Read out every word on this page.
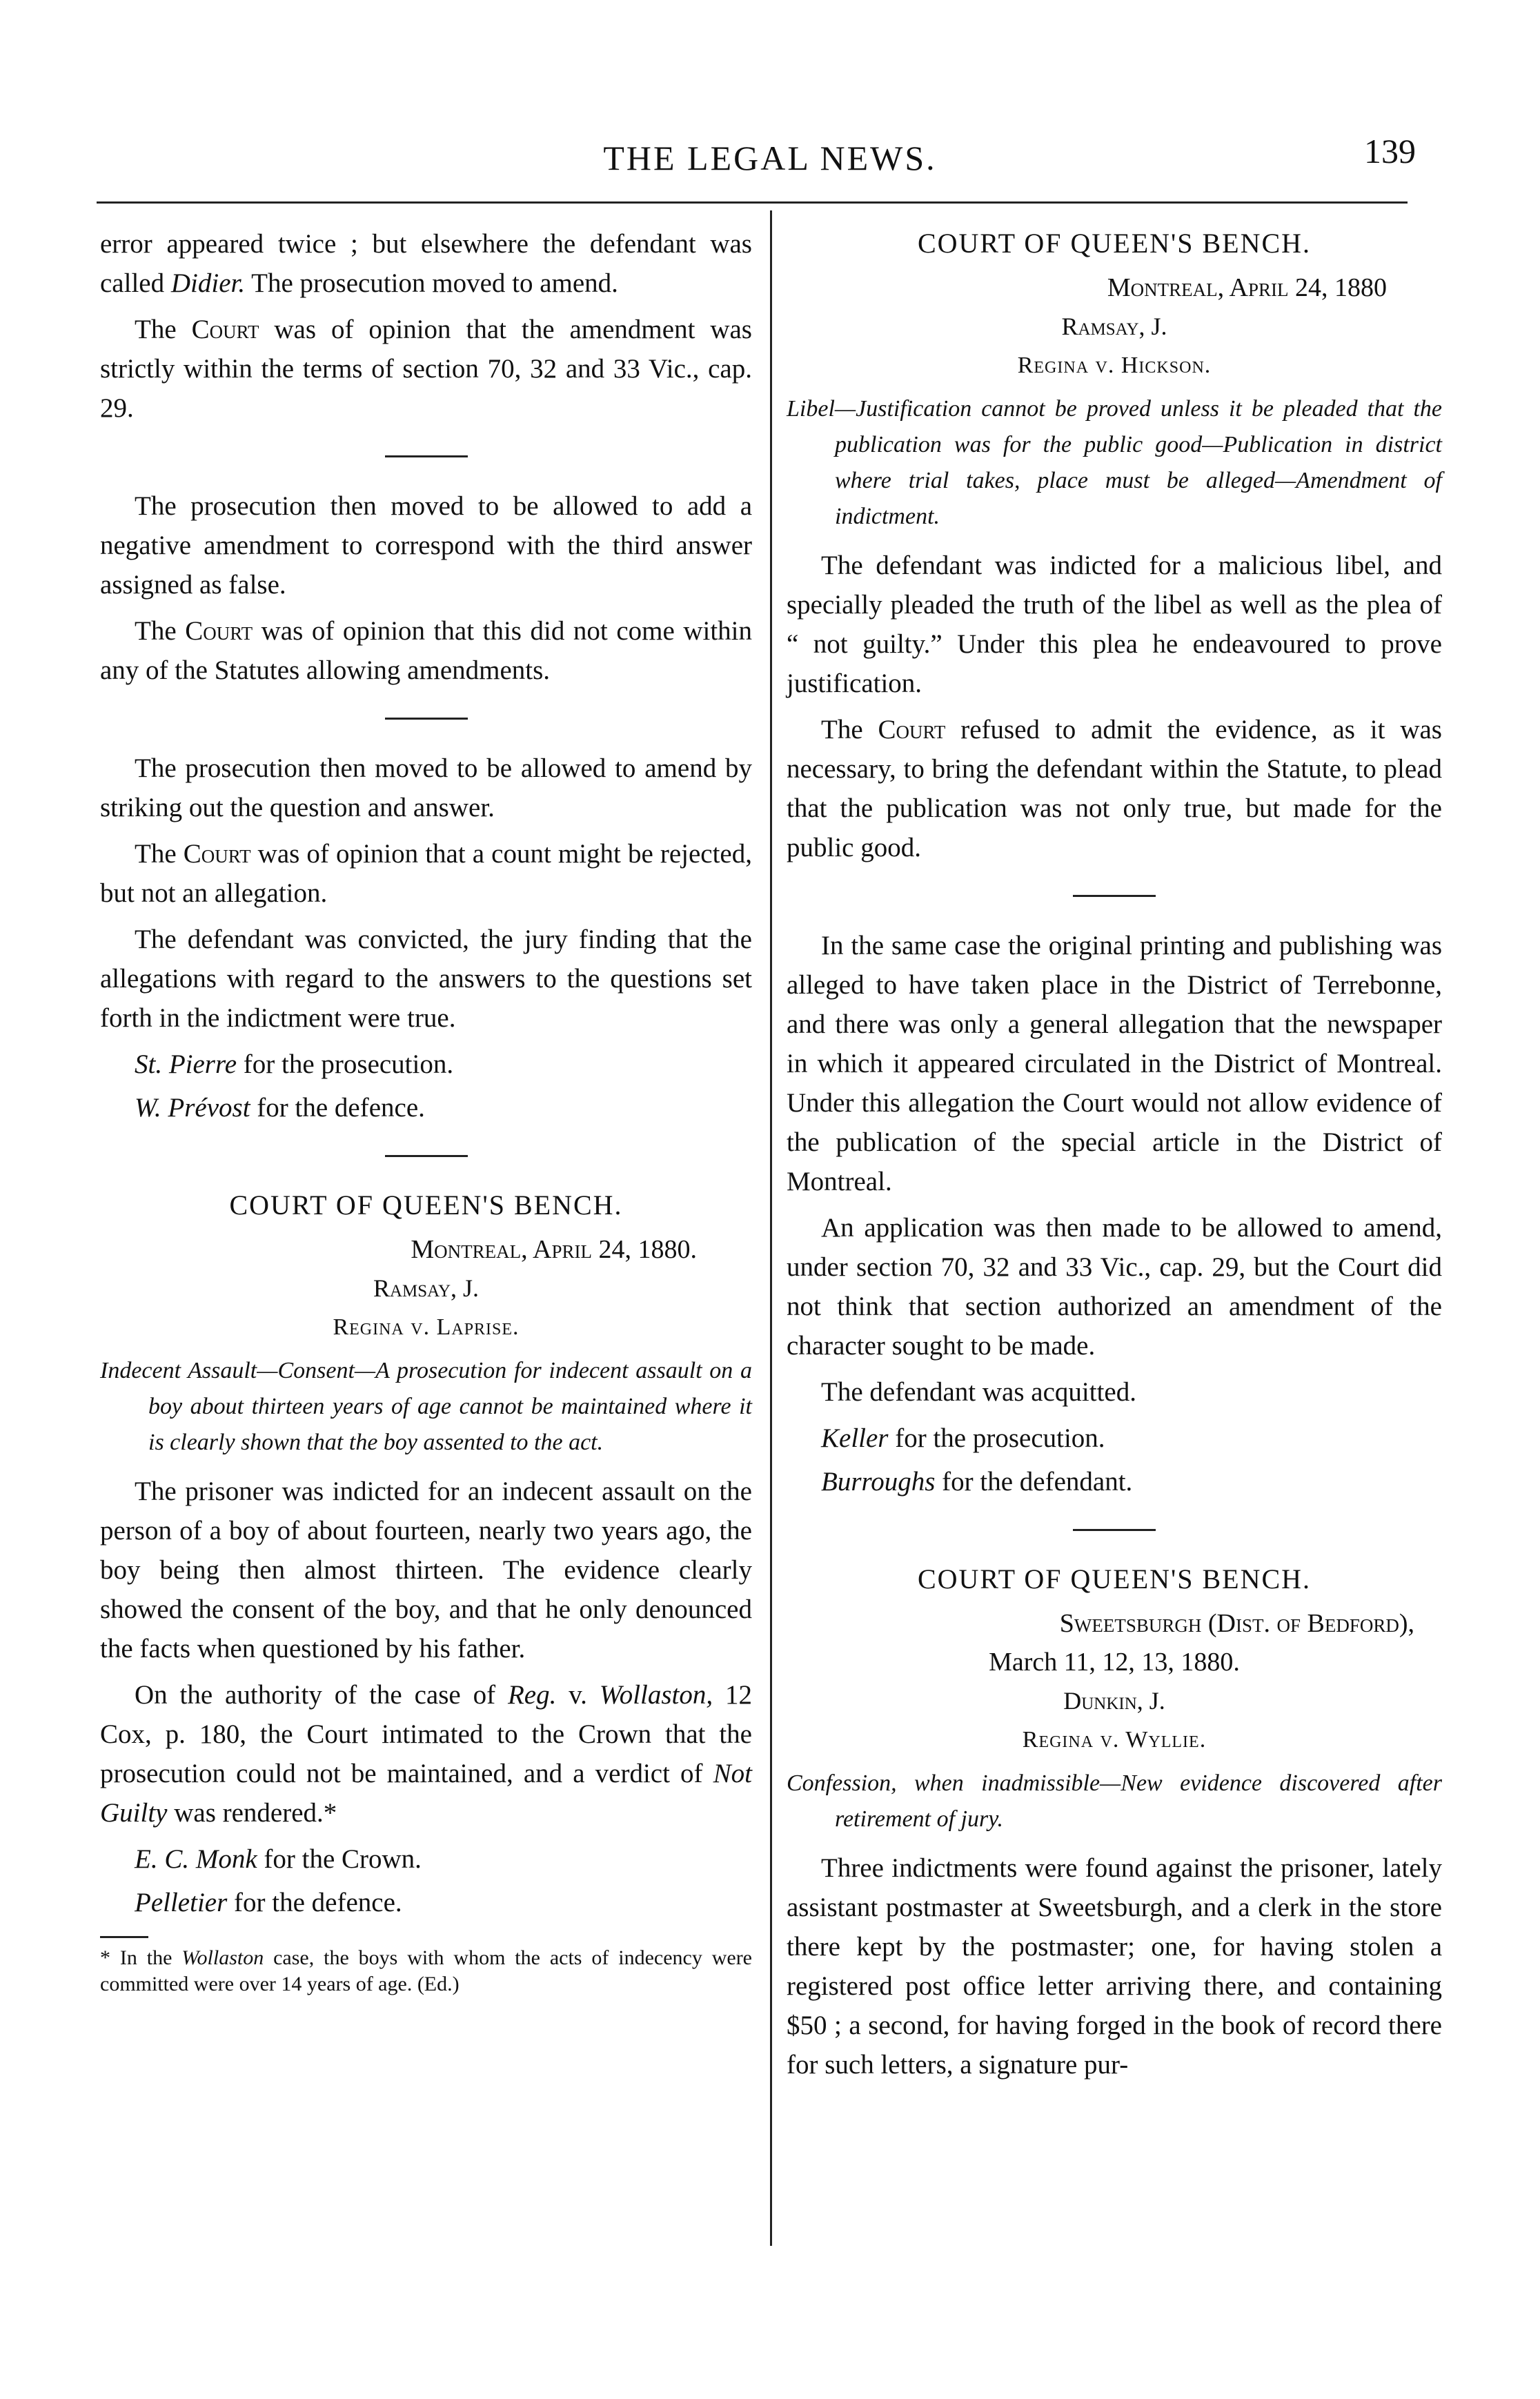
THE LEGAL NEWS.	139

error appeared twice ; but elsewhere the defendant was called Didier. The prosecution moved to amend.

The Court was of opinion that the amendment was strictly within the terms of section 70, 32 and 33 Vic., cap. 29.

The prosecution then moved to be allowed to add a negative amendment to correspond with the third answer assigned as false.

The Court was of opinion that this did not come within any of the Statutes allowing amendments.

The prosecution then moved to be allowed to amend by striking out the question and answer.

The Court was of opinion that a count might be rejected, but not an allegation.

The defendant was convicted, the jury finding that the allegations with regard to the answers to the questions set forth in the indictment were true.

St. Pierre for the prosecution.

W. Prévost for the defence.

COURT OF QUEEN'S BENCH.

Montreal, April 24, 1880.

Ramsay, J.

Regina v. Laprise.

Indecent Assault—Consent—A prosecution for indecent assault on a boy about thirteen years of age cannot be maintained where it is clearly shown that the boy assented to the act.

The prisoner was indicted for an indecent assault on the person of a boy of about fourteen, nearly two years ago, the boy being then almost thirteen. The evidence clearly showed the consent of the boy, and that he only denounced the facts when questioned by his father.

On the authority of the case of Reg. v. Wollaston, 12 Cox, p. 180, the Court intimated to the Crown that the prosecution could not be maintained, and a verdict of Not Guilty was rendered.*

E. C. Monk for the Crown.

Pelletier for the defence.

* In the Wollaston case, the boys with whom the acts of indecency were committed were over 14 years of age. (Ed.)

COURT OF QUEEN'S BENCH.

Montreal, April 24, 1880

Ramsay, J.

Regina v. Hickson.

Libel—Justification cannot be proved unless it be pleaded that the publication was for the public good—Publication in district where trial takes, place must be alleged—Amendment of indictment.

The defendant was indicted for a malicious libel, and specially pleaded the truth of the libel as well as the plea of “ not guilty.” Under this plea he endeavoured to prove justification.

The Court refused to admit the evidence, as it was necessary, to bring the defendant within the Statute, to plead that the publication was not only true, but made for the public good.

In the same case the original printing and publishing was alleged to have taken place in the District of Terrebonne, and there was only a general allegation that the newspaper in which it appeared circulated in the District of Montreal. Under this allegation the Court would not allow evidence of the publication of the special article in the District of Montreal.

An application was then made to be allowed to amend, under section 70, 32 and 33 Vic., cap. 29, but the Court did not think that section authorized an amendment of the character sought to be made.

The defendant was acquitted.

Keller for the prosecution.

Burroughs for the defendant.

COURT OF QUEEN'S BENCH.

Sweetsburgh (Dist. of Bedford),

March 11, 12, 13, 1880.

Dunkin, J.

Regina v. Wyllie.

Confession, when inadmissible—New evidence discovered after retirement of jury.

Three indictments were found against the prisoner, lately assistant postmaster at Sweetsburgh, and a clerk in the store there kept by the postmaster; one, for having stolen a registered post office letter arriving there, and containing $50 ; a second, for having forged in the book of record there for such letters, a signature pur-
